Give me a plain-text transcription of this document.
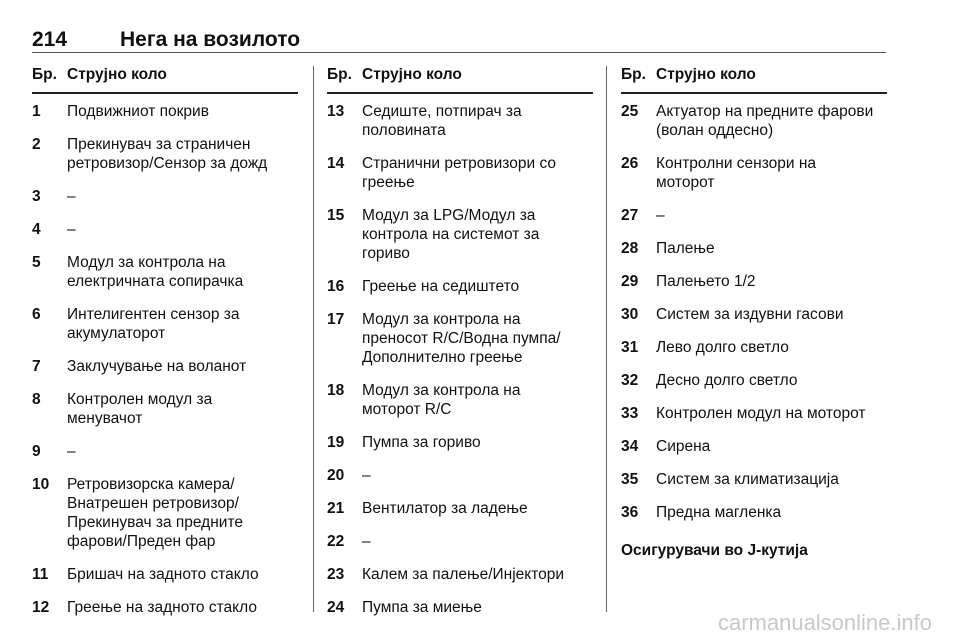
214	Нега на возилото
Бр. Струјно коло
1 Подвижниот покрив
2 Прекинувач за страничен
ретровизор/Сензор за дожд
3 –
4 –
5 Модул за контрола на
електричната сопирачка
6 Интелигентен сензор за
акумулаторот
7 Заклучување на воланот
8 Контролен модул за
менувачот
9 –
10 Ретровизорска камера/
Внатрешен ретровизор/
Прекинувач за предните
фарови/Преден фар
11 Бришач на задното стакло
12 Греење на задното стакло
Бр. Струјно коло
13 Седиште, потпирач за
половината
14 Странични ретровизори со
греење
15 Модул за LPG/Модул за
контрола на системот за
гориво
16 Греење на седиштето
17 Модул за контрола на
преносот R/C/Водна пумпа/
Дополнително греење
18 Модул за контрола на
моторот R/C
19 Пумпа за гориво
20 –
21 Вентилатор за ладење
22 –
23 Калем за палење/Инјектори
24 Пумпа за миење
Бр. Струјно коло
25 Актуатор на предните фарови
(волан оддесно)
26 Контролни сензори на
моторот
27 –
28 Палење
29 Палењето 1/2
30 Систем за издувни гасови
31 Лево долго светло
32 Десно долго светло
33 Контролен модул на моторот
34 Сирена
35 Систем за климатизација
36 Предна магленка
Осигурувачи во J-кутија
carmanualsonline.info
